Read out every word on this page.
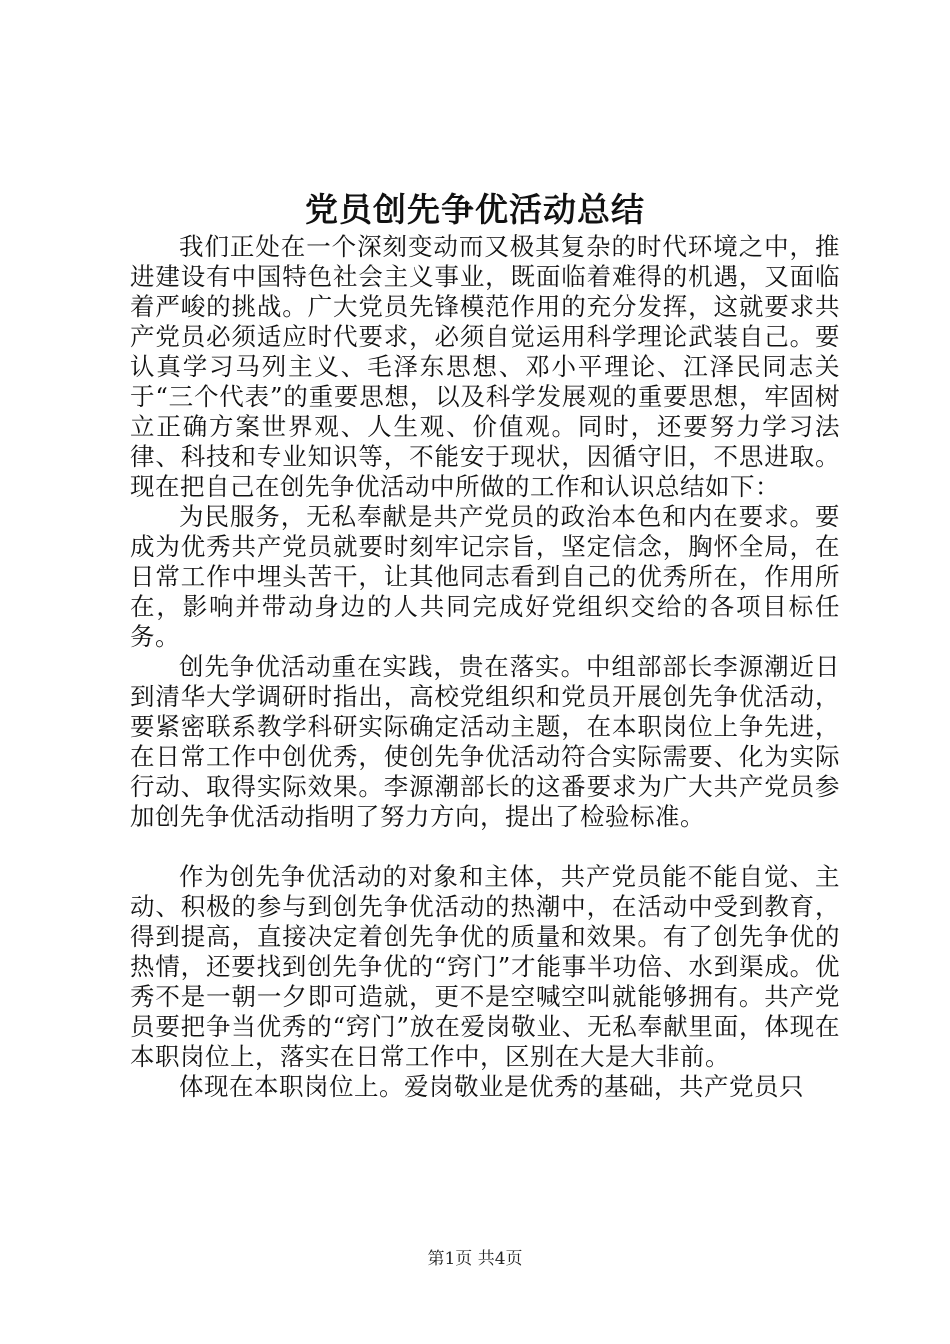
党员创先争优活动总结

我们正处在一个深刻变动而又极其复杂的时代环境之中，推进建设有中国特色社会主义事业，既面临着难得的机遇，又面临着严峻的挑战。广大党员先锋模范作用的充分发挥，这就要求共产党员必须适应时代要求，必须自觉运用科学理论武装自己。要认真学习马列主义、毛泽东思想、邓小平理论、江泽民同志关于“三个代表”的重要思想，以及科学发展观的重要思想，牢固树立正确方案世界观、人生观、价值观。同时，还要努力学习法律、科技和专业知识等，不能安于现状，因循守旧，不思进取。现在把自己在创先争优活动中所做的工作和认识总结如下：

为民服务，无私奉献是共产党员的政治本色和内在要求。要成为优秀共产党员就要时刻牢记宗旨，坚定信念，胸怀全局，在日常工作中埋头苦干，让其他同志看到自己的优秀所在，作用所在，影响并带动身边的人共同完成好党组织交给的各项目标任务。

创先争优活动重在实践，贵在落实。中组部部长李源潮近日到清华大学调研时指出，高校党组织和党员开展创先争优活动，要紧密联系教学科研实际确定活动主题，在本职岗位上争先进，在日常工作中创优秀，使创先争优活动符合实际需要、化为实际行动、取得实际效果。李源潮部长的这番要求为广大共产党员参加创先争优活动指明了努力方向，提出了检验标准。

作为创先争优活动的对象和主体，共产党员能不能自觉、主动、积极的参与到创先争优活动的热潮中，在活动中受到教育，得到提高，直接决定着创先争优的质量和效果。有了创先争优的热情，还要找到创先争优的“窍门”才能事半功倍、水到渠成。优秀不是一朝一夕即可造就，更不是空喊空叫就能够拥有。共产党员要把争当优秀的“窍门”放在爱岗敬业、无私奉献里面，体现在本职岗位上，落实在日常工作中，区别在大是大非前。

体现在本职岗位上。爱岗敬业是优秀的基础，共产党员只

第1页 共4页
